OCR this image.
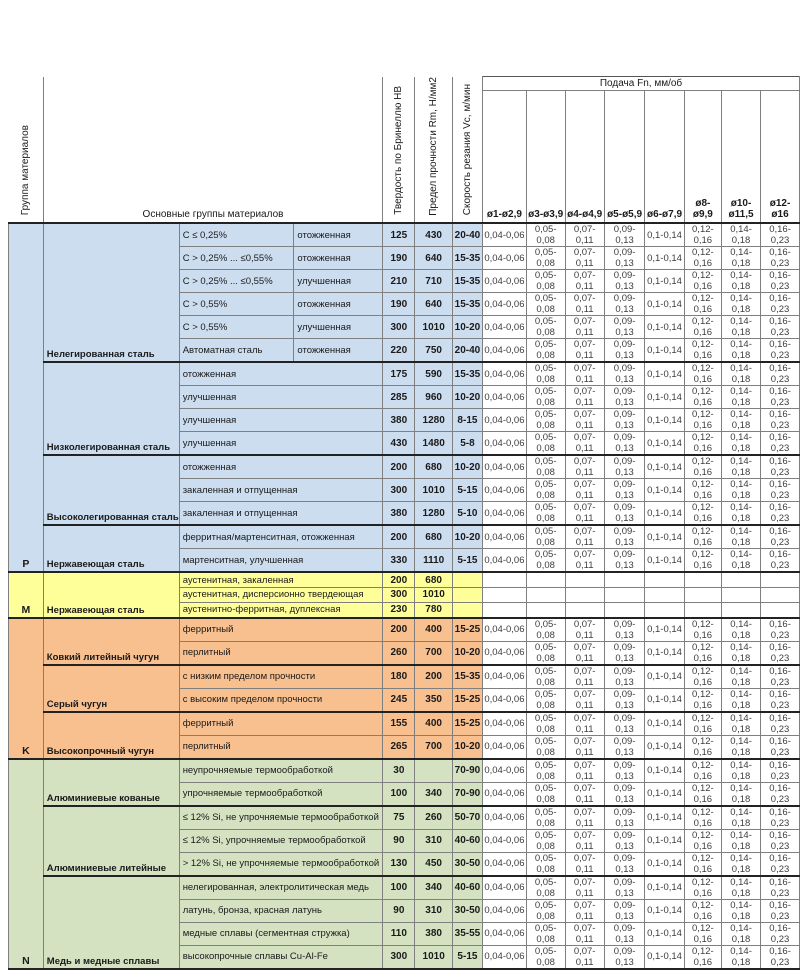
Группа материалов	Основные группы материалов			Твердость по Бринеллю HB	Предел прочности Rm, Н/мм2	Скорость резания Vc, м/мин	Подача Fn, мм/об							
							ø1-ø2,9	ø3-ø3,9	ø4-ø4,9	ø5-ø5,9	ø6-ø7,9	ø8-ø9,9	ø10-ø11,5	ø12-ø16
P	Нелегированная сталь	C ≤ 0,25%	отожженная	125	430	20-40	0,04-0,06	0,05-0,08	0,07-0,11	0,09-0,13	0,1-0,14	0,12-0,16	0,14-0,18	0,16-0,23
		C > 0,25% ... ≤0,55%	отожженная	190	640	15-35	0,04-0,06	0,05-0,08	0,07-0,11	0,09-0,13	0,1-0,14	0,12-0,16	0,14-0,18	0,16-0,23
		C > 0,25% ... ≤0,55%	улучшенная	210	710	15-35	0,04-0,06	0,05-0,08	0,07-0,11	0,09-0,13	0,1-0,14	0,12-0,16	0,14-0,18	0,16-0,23
		C > 0,55%	отожженная	190	640	15-35	0,04-0,06	0,05-0,08	0,07-0,11	0,09-0,13	0,1-0,14	0,12-0,16	0,14-0,18	0,16-0,23
		C > 0,55%	улучшенная	300	1010	10-20	0,04-0,06	0,05-0,08	0,07-0,11	0,09-0,13	0,1-0,14	0,12-0,16	0,14-0,18	0,16-0,23
		Автоматная сталь	отожженная	220	750	20-40	0,04-0,06	0,05-0,08	0,07-0,11	0,09-0,13	0,1-0,14	0,12-0,16	0,14-0,18	0,16-0,23
	Низколегированная сталь	отожженная		175	590	15-35	0,04-0,06	0,05-0,08	0,07-0,11	0,09-0,13	0,1-0,14	0,12-0,16	0,14-0,18	0,16-0,23
		улучшенная		285	960	10-20	0,04-0,06	0,05-0,08	0,07-0,11	0,09-0,13	0,1-0,14	0,12-0,16	0,14-0,18	0,16-0,23
		улучшенная		380	1280	8-15	0,04-0,06	0,05-0,08	0,07-0,11	0,09-0,13	0,1-0,14	0,12-0,16	0,14-0,18	0,16-0,23
		улучшенная		430	1480	5-8	0,04-0,06	0,05-0,08	0,07-0,11	0,09-0,13	0,1-0,14	0,12-0,16	0,14-0,18	0,16-0,23
	Высоколегированная сталь	отожженная		200	680	10-20	0,04-0,06	0,05-0,08	0,07-0,11	0,09-0,13	0,1-0,14	0,12-0,16	0,14-0,18	0,16-0,23
		закаленная и отпущенная		300	1010	5-15	0,04-0,06	0,05-0,08	0,07-0,11	0,09-0,13	0,1-0,14	0,12-0,16	0,14-0,18	0,16-0,23
		закаленная и отпущенная		380	1280	5-10	0,04-0,06	0,05-0,08	0,07-0,11	0,09-0,13	0,1-0,14	0,12-0,16	0,14-0,18	0,16-0,23
	Нержавеющая сталь	ферритная/мартенситная, отожженная		200	680	10-20	0,04-0,06	0,05-0,08	0,07-0,11	0,09-0,13	0,1-0,14	0,12-0,16	0,14-0,18	0,16-0,23
		мартенситная, улучшенная		330	1110	5-15	0,04-0,06	0,05-0,08	0,07-0,11	0,09-0,13	0,1-0,14	0,12-0,16	0,14-0,18	0,16-0,23
M	Нержавеющая сталь	аустенитная, закаленная		200	680									
		аустенитная, дисперсионно твердеющая		300	1010									
		аустенитно-ферритная, дуплексная		230	780									
K	Ковкий литейный чугун	ферритный		200	400	15-25	0,04-0,06	0,05-0,08	0,07-0,11	0,09-0,13	0,1-0,14	0,12-0,16	0,14-0,18	0,16-0,23
		перлитный		260	700	10-20	0,04-0,06	0,05-0,08	0,07-0,11	0,09-0,13	0,1-0,14	0,12-0,16	0,14-0,18	0,16-0,23
	Серый чугун	с низким пределом прочности		180	200	15-35	0,04-0,06	0,05-0,08	0,07-0,11	0,09-0,13	0,1-0,14	0,12-0,16	0,14-0,18	0,16-0,23
		с высоким пределом прочности		245	350	15-25	0,04-0,06	0,05-0,08	0,07-0,11	0,09-0,13	0,1-0,14	0,12-0,16	0,14-0,18	0,16-0,23
	Высокопрочный чугун	ферритный		155	400	15-25	0,04-0,06	0,05-0,08	0,07-0,11	0,09-0,13	0,1-0,14	0,12-0,16	0,14-0,18	0,16-0,23
		перлитный		265	700	10-20	0,04-0,06	0,05-0,08	0,07-0,11	0,09-0,13	0,1-0,14	0,12-0,16	0,14-0,18	0,16-0,23
N	Алюминиевые кованые	неупрочняемые термообработкой		30		70-90	0,04-0,06	0,05-0,08	0,07-0,11	0,09-0,13	0,1-0,14	0,12-0,16	0,14-0,18	0,16-0,23
		упрочняемые термообработкой		100	340	70-90	0,04-0,06	0,05-0,08	0,07-0,11	0,09-0,13	0,1-0,14	0,12-0,16	0,14-0,18	0,16-0,23
	Алюминиевые литейные	≤ 12% Si, не упрочняемые термообработкой		75	260	50-70	0,04-0,06	0,05-0,08	0,07-0,11	0,09-0,13	0,1-0,14	0,12-0,16	0,14-0,18	0,16-0,23
		≤ 12% Si, упрочняемые термообработкой		90	310	40-60	0,04-0,06	0,05-0,08	0,07-0,11	0,09-0,13	0,1-0,14	0,12-0,16	0,14-0,18	0,16-0,23
		> 12% Si, не упрочняемые термообработкой		130	450	30-50	0,04-0,06	0,05-0,08	0,07-0,11	0,09-0,13	0,1-0,14	0,12-0,16	0,14-0,18	0,16-0,23
	Медь и медные сплавы	нелегированная, электролитическая медь		100	340	40-60	0,04-0,06	0,05-0,08	0,07-0,11	0,09-0,13	0,1-0,14	0,12-0,16	0,14-0,18	0,16-0,23
		латунь, бронза, красная латунь		90	310	30-50	0,04-0,06	0,05-0,08	0,07-0,11	0,09-0,13	0,1-0,14	0,12-0,16	0,14-0,18	0,16-0,23
		медные сплавы (сегментная стружка)		110	380	35-55	0,04-0,06	0,05-0,08	0,07-0,11	0,09-0,13	0,1-0,14	0,12-0,16	0,14-0,18	0,16-0,23
		высокопрочные сплавы Cu-Al-Fe		300	1010	5-15	0,04-0,06	0,05-0,08	0,07-0,11	0,09-0,13	0,1-0,14	0,12-0,16	0,14-0,18	0,16-0,23
